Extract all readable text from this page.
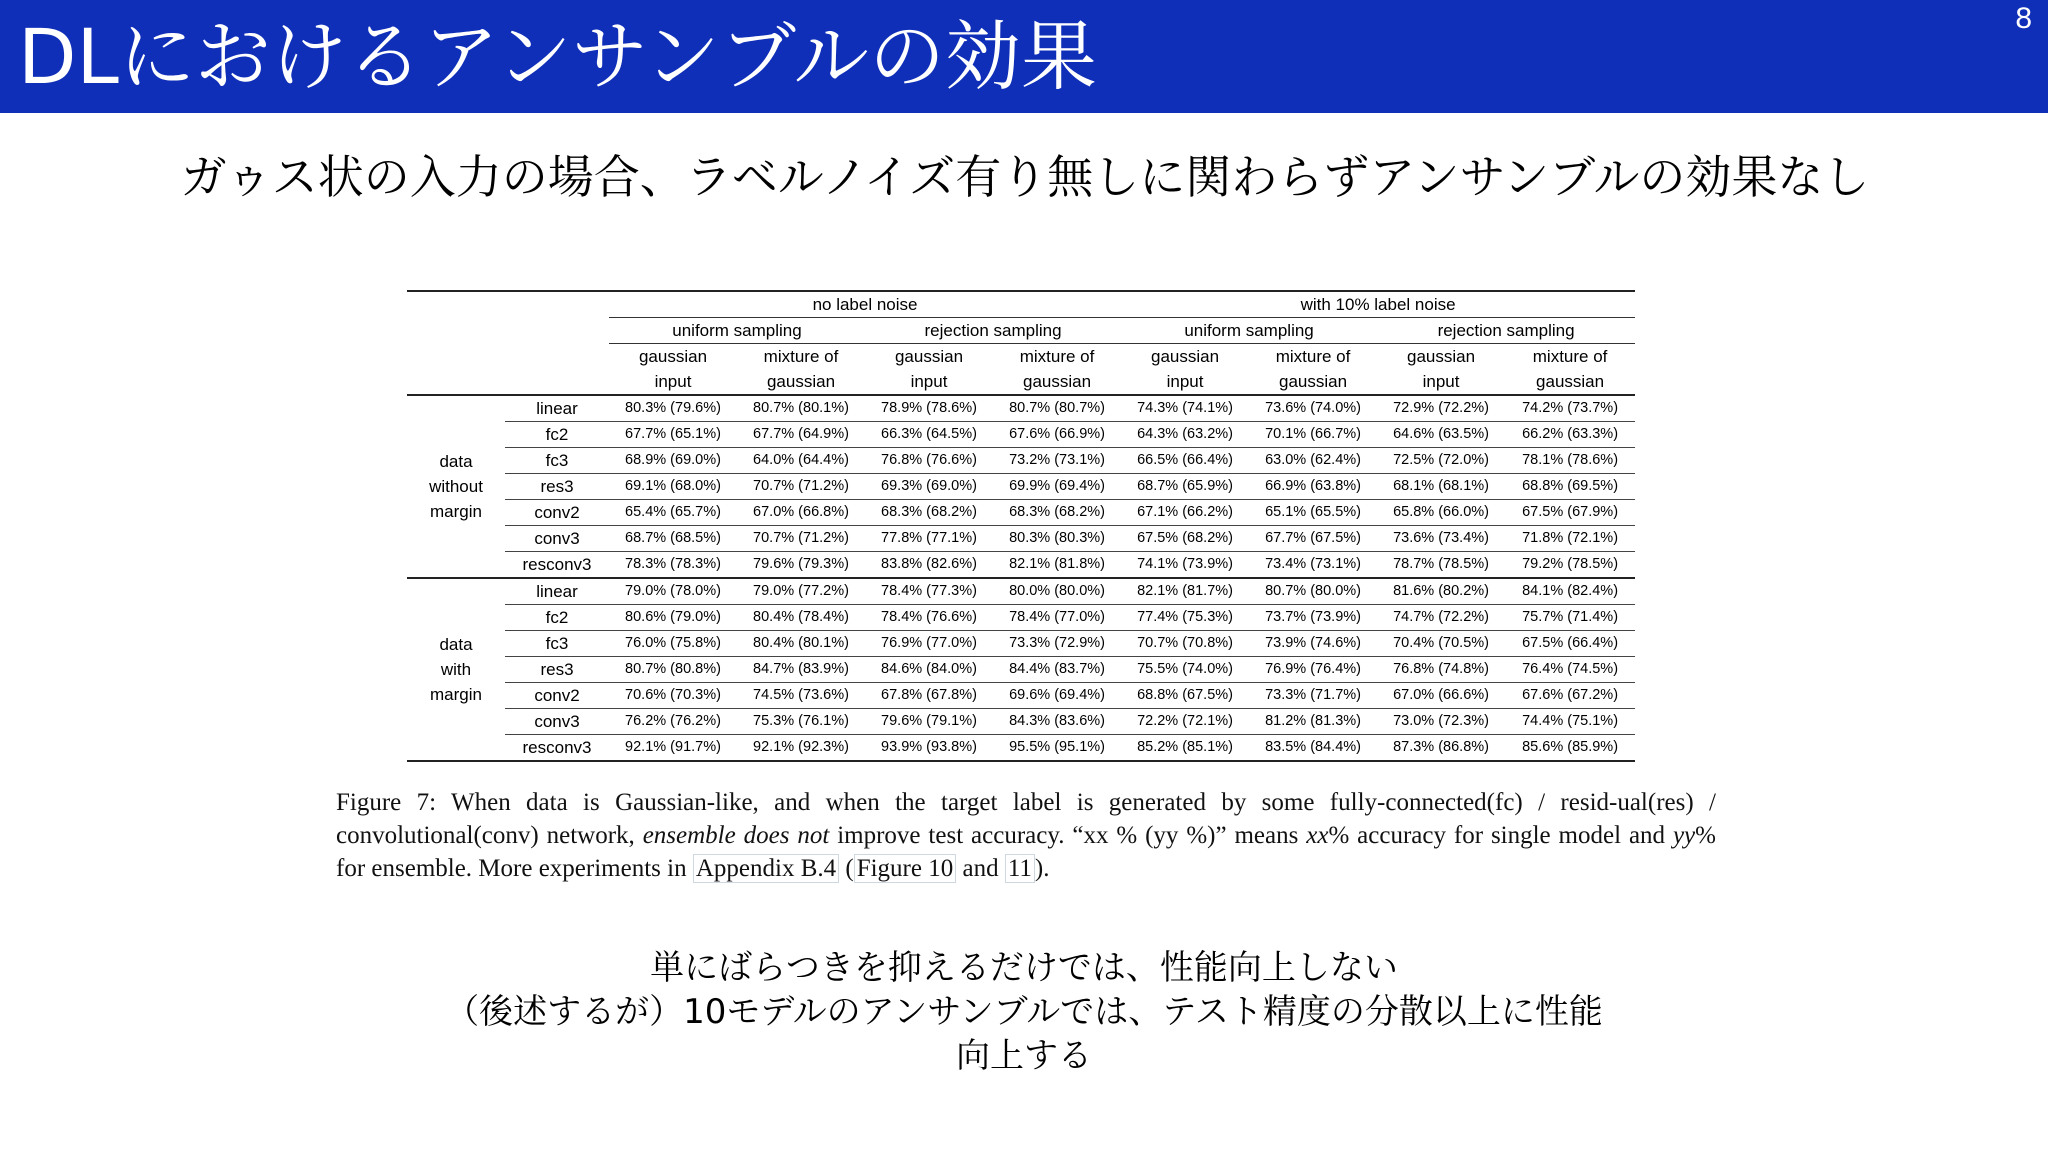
DLにおけるアンサンブルの効果	8
ガゥス状の入力の場合、ラベルノイズ有り無しに関わらずアンサンブルの効果なし
		no label noise				with 10% label noise			
		uniform sampling		rejection sampling		uniform sampling		rejection sampling	
		gaussian	mixture of	gaussian	mixture of	gaussian	mixture of	gaussian	mixture of
		input	gaussian	input	gaussian	input	gaussian	input	gaussian

data
without
margin	linear	80.3% (79.6%)	80.7% (80.1%)	78.9% (78.6%)	80.7% (80.7%)	74.3% (74.1%)	73.6% (74.0%)	72.9% (72.2%)	74.2% (73.7%)
	fc2	67.7% (65.1%)	67.7% (64.9%)	66.3% (64.5%)	67.6% (66.9%)	64.3% (63.2%)	70.1% (66.7%)	64.6% (63.5%)	66.2% (63.3%)
	fc3	68.9% (69.0%)	64.0% (64.4%)	76.8% (76.6%)	73.2% (73.1%)	66.5% (66.4%)	63.0% (62.4%)	72.5% (72.0%)	78.1% (78.6%)
	res3	69.1% (68.0%)	70.7% (71.2%)	69.3% (69.0%)	69.9% (69.4%)	68.7% (65.9%)	66.9% (63.8%)	68.1% (68.1%)	68.8% (69.5%)
	conv2	65.4% (65.7%)	67.0% (66.8%)	68.3% (68.2%)	68.3% (68.2%)	67.1% (66.2%)	65.1% (65.5%)	65.8% (66.0%)	67.5% (67.9%)
	conv3	68.7% (68.5%)	70.7% (71.2%)	77.8% (77.1%)	80.3% (80.3%)	67.5% (68.2%)	67.7% (67.5%)	73.6% (73.4%)	71.8% (72.1%)
	resconv3	78.3% (78.3%)	79.6% (79.3%)	83.8% (82.6%)	82.1% (81.8%)	74.1% (73.9%)	73.4% (73.1%)	78.7% (78.5%)	79.2% (78.5%)

data
with
margin	linear	79.0% (78.0%)	79.0% (77.2%)	78.4% (77.3%)	80.0% (80.0%)	82.1% (81.7%)	80.7% (80.0%)	81.6% (80.2%)	84.1% (82.4%)
	fc2	80.6% (79.0%)	80.4% (78.4%)	78.4% (76.6%)	78.4% (77.0%)	77.4% (75.3%)	73.7% (73.9%)	74.7% (72.2%)	75.7% (71.4%)
	fc3	76.0% (75.8%)	80.4% (80.1%)	76.9% (77.0%)	73.3% (72.9%)	70.7% (70.8%)	73.9% (74.6%)	70.4% (70.5%)	67.5% (66.4%)
	res3	80.7% (80.8%)	84.7% (83.9%)	84.6% (84.0%)	84.4% (83.7%)	75.5% (74.0%)	76.9% (76.4%)	76.8% (74.8%)	76.4% (74.5%)
	conv2	70.6% (70.3%)	74.5% (73.6%)	67.8% (67.8%)	69.6% (69.4%)	68.8% (67.5%)	73.3% (71.7%)	67.0% (66.6%)	67.6% (67.2%)
	conv3	76.2% (76.2%)	75.3% (76.1%)	79.6% (79.1%)	84.3% (83.6%)	72.2% (72.1%)	81.2% (81.3%)	73.0% (72.3%)	74.4% (75.1%)
	resconv3	92.1% (91.7%)	92.1% (92.3%)	93.9% (93.8%)	95.5% (95.1%)	85.2% (85.1%)	83.5% (84.4%)	87.3% (86.8%)	85.6% (85.9%)
Figure 7: When data is Gaussian-like, and when the target label is generated by some fully-connected(fc) / resid-ual(res) / convolutional(conv) network, ensemble does not improve test accuracy. “xx % (yy %)” means xx% accuracy for single model and yy% for ensemble. More experiments in Appendix B.4 ( Figure 10 and 11 ).
単にばらつきを抑えるだけでは、性能向上しない
（後述するが）10モデルのアンサンブルでは、テスト精度の分散以上に性能
向上する
